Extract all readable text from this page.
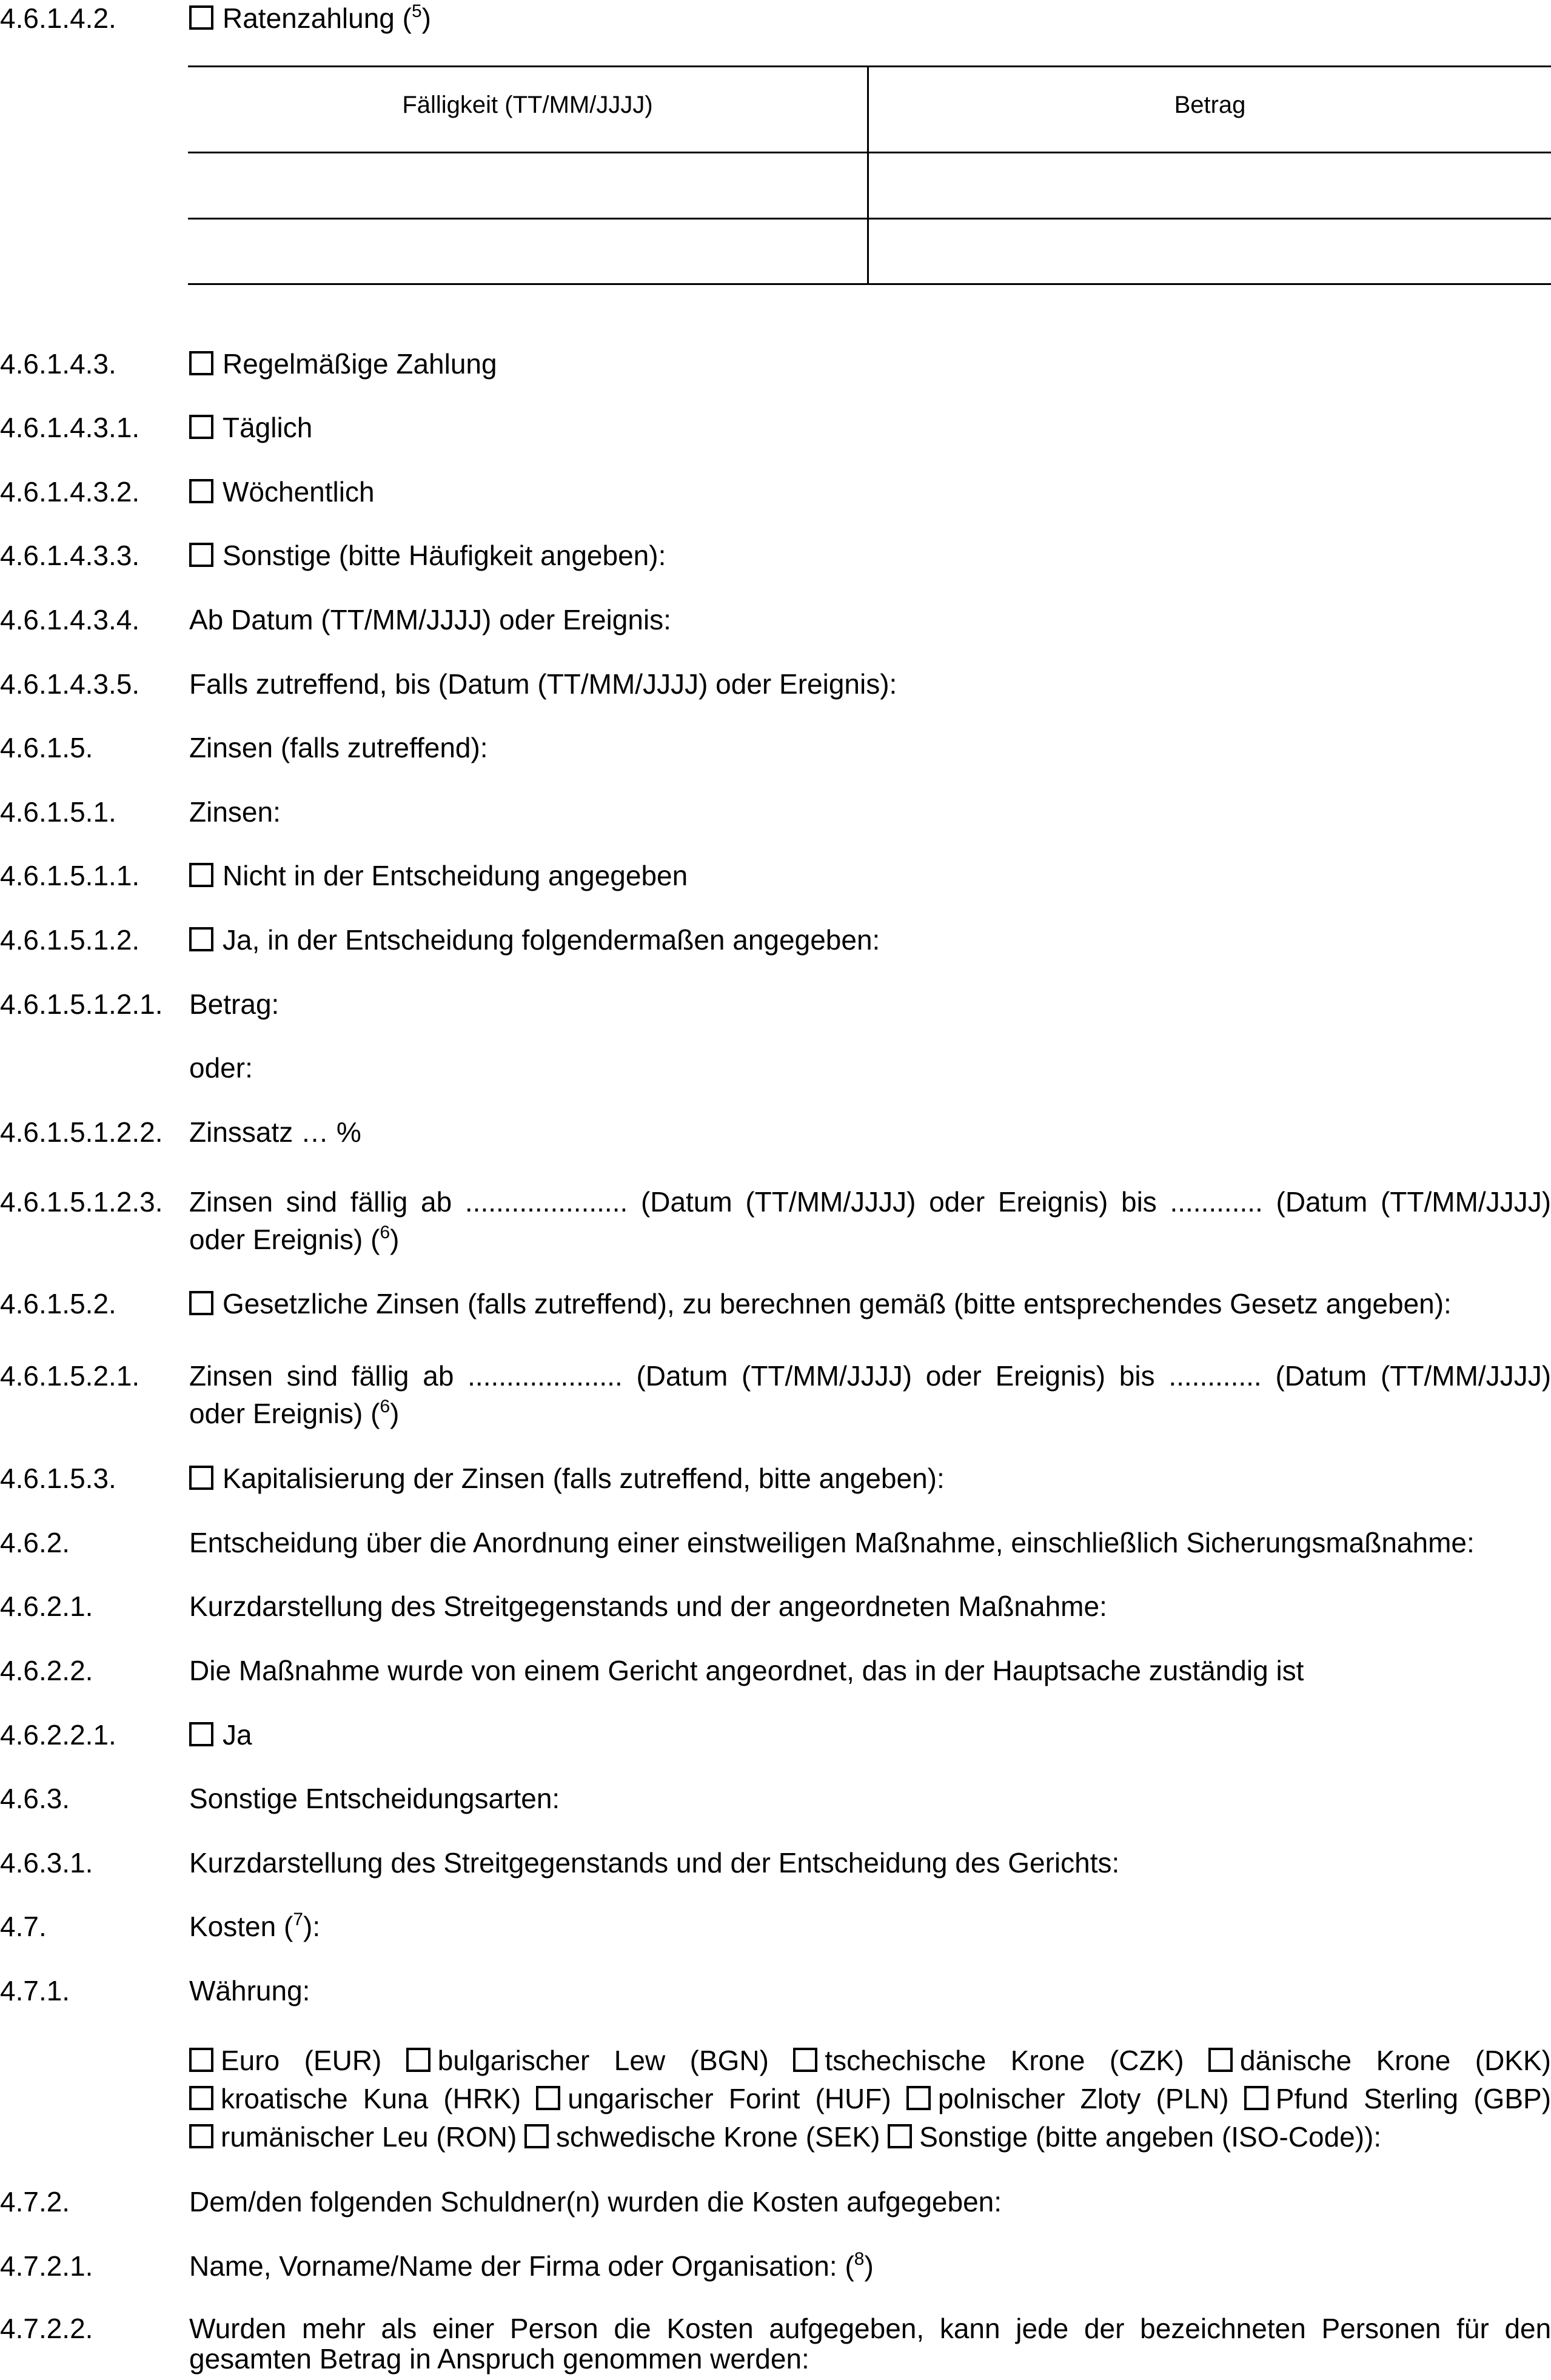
4.6.1.4.2.	Ratenzahlung ($^5$)
Fälligkeit (TT/MM/JJJJ)	Betrag
4.6.1.4.3.	Regelmäßige Zahlung
4.6.1.4.3.1.	Täglich
4.6.1.4.3.2.	Wöchentlich
4.6.1.4.3.3.	Sonstige (bitte Häufigkeit angeben):
4.6.1.4.3.4. Ab Datum (TT/MM/JJJJ) oder Ereignis:
4.6.1.4.3.5. Falls zutreffend, bis (Datum (TT/MM/JJJJ) oder Ereignis):
4.6.1.5.	Zinsen (falls zutreffend):
4.6.1.5.1.	Zinsen:
4.6.1.5.1.1.	Nicht in der Entscheidung angegeben
4.6.1.5.1.2.	Ja, in der Entscheidung folgendermaßen angegeben:
4.6.1.5.1.2.1. Betrag:
oder:
4.6.1.5.1.2.2. Zinssatz … %
4.6.1.5.1.2.3. Zinsen sind fällig ab ..................... (Datum (TT/MM/JJJJ) oder Ereignis) bis ............ (Datum (TT/MM/JJJJ)
oder Ereignis) ($^6$)
4.6.1.5.2.	Gesetzliche Zinsen (falls zutreffend), zu berechnen gemäß (bitte entsprechendes Gesetz angeben):
4.6.1.5.2.1. Zinsen sind fällig ab .................... (Datum (TT/MM/JJJJ) oder Ereignis) bis ............ (Datum (TT/MM/JJJJ)
oder Ereignis) ($^6$)
4.6.1.5.3.	Kapitalisierung der Zinsen (falls zutreffend, bitte angeben):
4.6.2.	Entscheidung über die Anordnung einer einstweiligen Maßnahme, einschließlich Sicherungsmaßnahme:
4.6.2.1.	Kurzdarstellung des Streitgegenstands und der angeordneten Maßnahme:
4.6.2.2.	Die Maßnahme wurde von einem Gericht angeordnet, das in der Hauptsache zuständig ist
4.6.2.2.1.	Ja
4.6.3.	Sonstige Entscheidungsarten:
4.6.3.1.	Kurzdarstellung des Streitgegenstands und der Entscheidung des Gerichts:
4.7.	Kosten ($^7$):
4.7.1.	Währung:
Euro (EUR) bulgarischer Lew (BGN) tschechische Krone (CZK) dänische Krone (DKK)
kroatische Kuna (HRK) ungarischer Forint (HUF) polnischer Zloty (PLN) Pfund Sterling (GBP)
rumänischer Leu (RON) schwedische Krone (SEK) Sonstige (bitte angeben (ISO-Code)):
4.7.2.	Dem/den folgenden Schuldner(n) wurden die Kosten aufgegeben:
4.7.2.1.	Name, Vorname/Name der Firma oder Organisation: ($^8$)
4.7.2.2.	Wurden mehr als einer Person die Kosten aufgegeben, kann jede der bezeichneten Personen für den
gesamten Betrag in Anspruch genommen werden:
